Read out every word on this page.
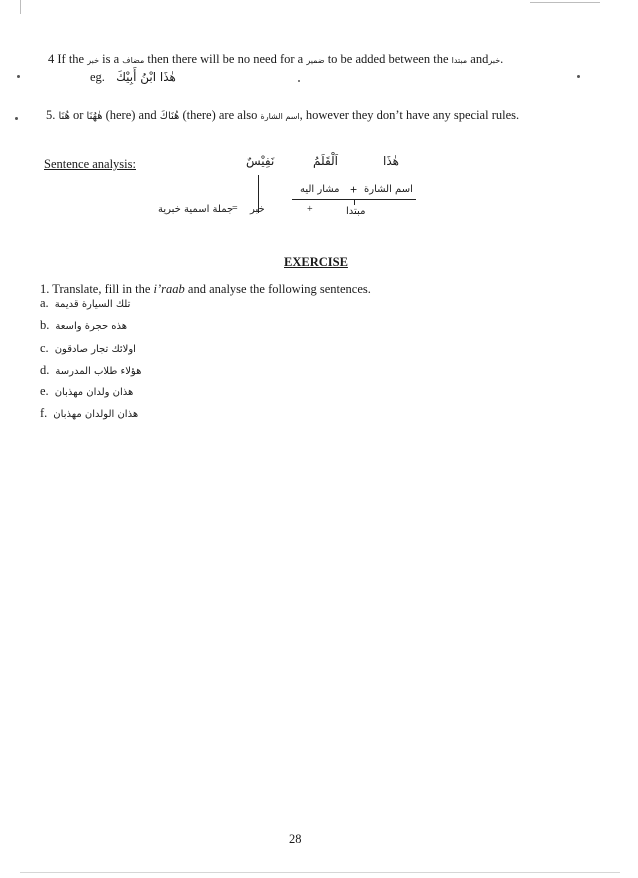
4 If the خبر is a مضاف then there will be no need for a ضمير to be added between the مبتدا andخبر.
eg. هٰذَا ابْنُ أَبِيْكَ
5. هُنَا or هٰهُنَا (here) and هُنَاكَ (there) are also اسم الشارة, however they don’t have any special rules.
Sentence analysis:	نَفِيْسٌ	اَلْقَلَمُ	هٰذَا
مشار اليه + اسم الشارة
جملة اسمية خبرية
= خبر	+	مبتدا
EXERCISE
1. Translate, fill in the i’raab and analyse the following sentences.
a. تلك السيارة قديمة
b. هذه حجرة واسعة
c. اولائك تجار صادقون
d. هؤلاء طلاب المدرسة
e. هذان ولدان مهذبان
f. هذان الولدان مهذبان
28
